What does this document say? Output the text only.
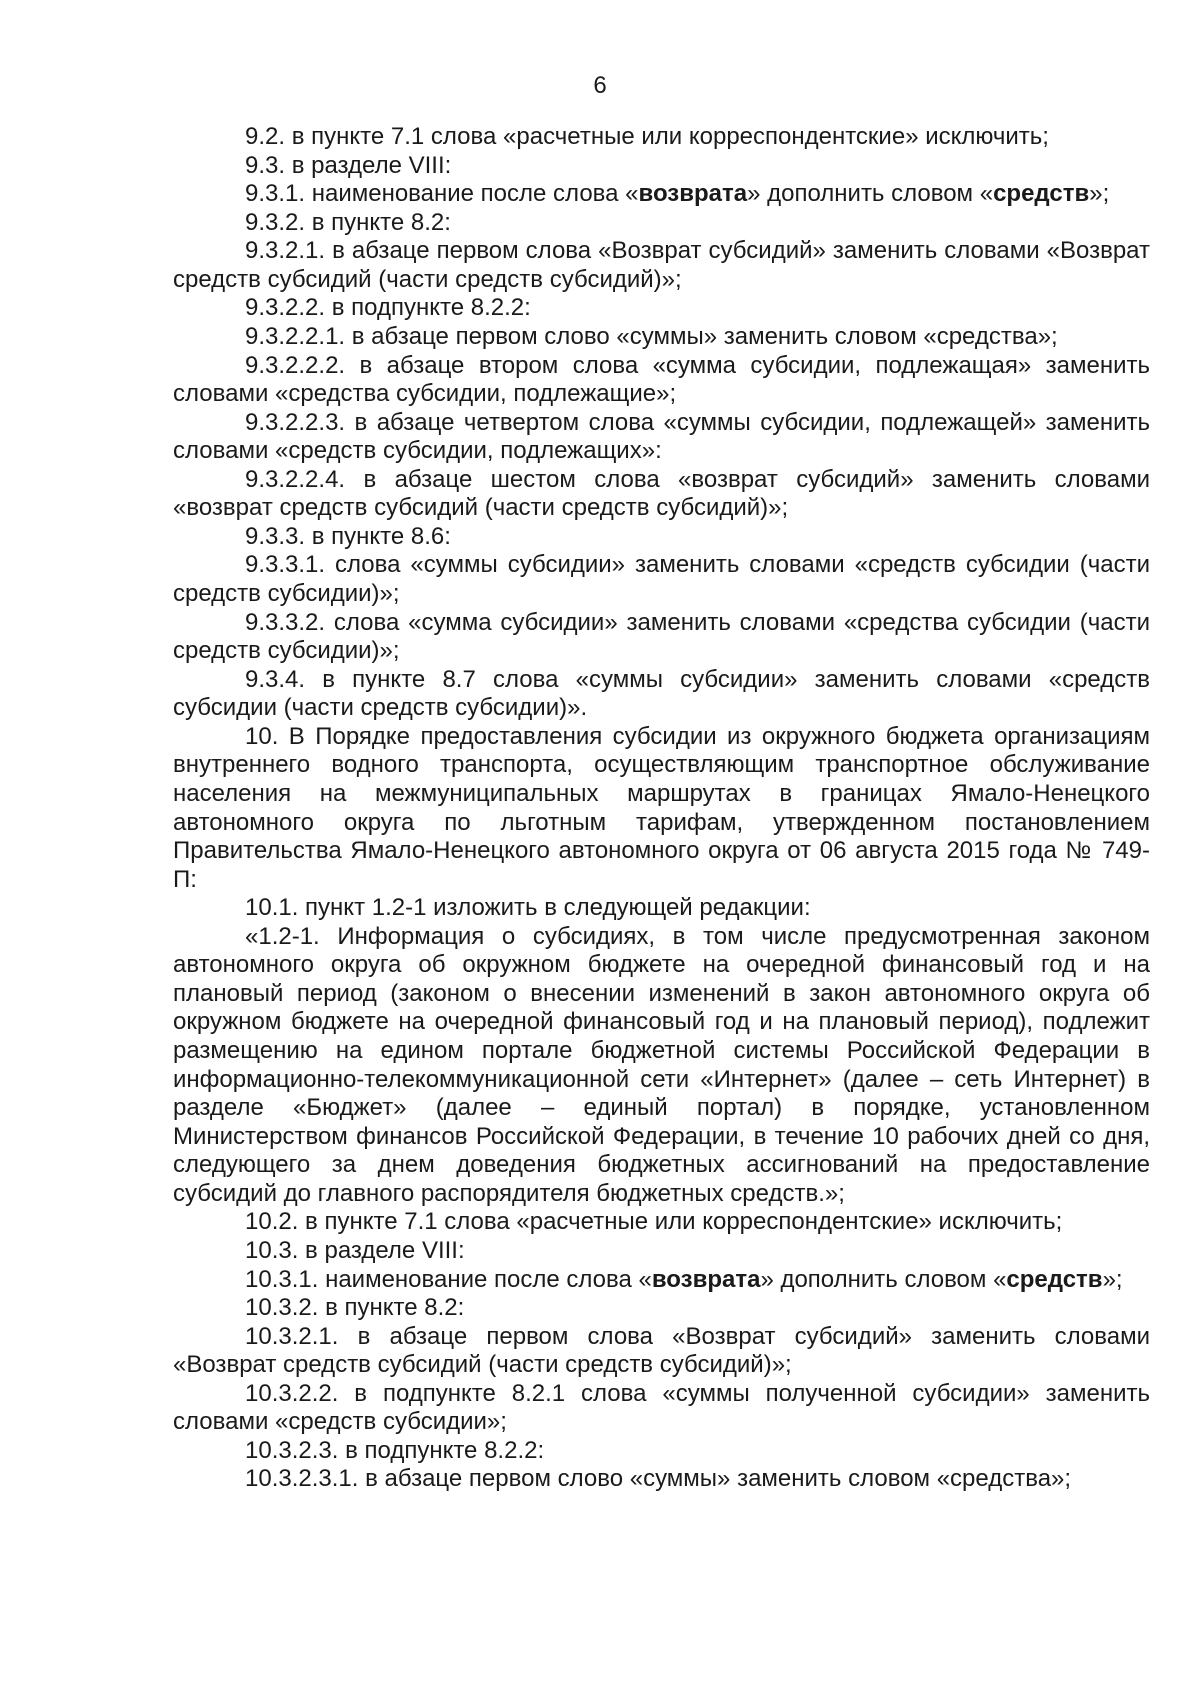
6

9.2. в пункте 7.1 слова «расчетные или корреспондентские» исключить;

9.3. в разделе VIII:

9.3.1. наименование после слова «возврата» дополнить словом «средств»;

9.3.2. в пункте 8.2:

9.3.2.1. в абзаце первом слова «Возврат субсидий» заменить словами «Возврат средств субсидий (части средств субсидий)»;

9.3.2.2. в подпункте 8.2.2:

9.3.2.2.1. в абзаце первом слово «суммы» заменить словом «средства»;

9.3.2.2.2. в абзаце втором слова «сумма субсидии, подлежащая» заменить словами «средства субсидии, подлежащие»;

9.3.2.2.3. в абзаце четвертом слова «суммы субсидии, подлежащей» заменить словами «средств субсидии, подлежащих»:

9.3.2.2.4. в абзаце шестом слова «возврат субсидий» заменить словами «возврат средств субсидий (части средств субсидий)»;

9.3.3. в пункте 8.6:

9.3.3.1. слова «суммы субсидии» заменить словами «средств субсидии (части средств субсидии)»;

9.3.3.2. слова «сумма субсидии» заменить словами «средства субсидии (части средств субсидии)»;

9.3.4. в пункте 8.7 слова «суммы субсидии» заменить словами «средств субсидии (части средств субсидии)».

10. В Порядке предоставления субсидии из окружного бюджета организациям внутреннего водного транспорта, осуществляющим транспортное обслуживание населения на межмуниципальных маршрутах в границах Ямало-Ненецкого автономного округа по льготным тарифам, утвержденном постановлением Правительства Ямало-Ненецкого автономного округа от 06 августа 2015 года № 749-П:

10.1. пункт 1.2-1 изложить в следующей редакции:

«1.2-1. Информация о субсидиях, в том числе предусмотренная законом автономного округа об окружном бюджете на очередной финансовый год и на плановый период (законом о внесении изменений в закон автономного округа об окружном бюджете на очередной финансовый год и на плановый период), подлежит размещению на едином портале бюджетной системы Российской Федерации в информационно-телекоммуникационной сети «Интернет» (далее – сеть Интернет) в разделе «Бюджет» (далее – единый портал) в порядке, установленном Министерством финансов Российской Федерации, в течение 10 рабочих дней со дня, следующего за днем доведения бюджетных ассигнований на предоставление субсидий до главного распорядителя бюджетных средств.»;

10.2. в пункте 7.1 слова «расчетные или корреспондентские» исключить;

10.3. в разделе VIII:

10.3.1. наименование после слова «возврата» дополнить словом «средств»;

10.3.2. в пункте 8.2:

10.3.2.1. в абзаце первом слова «Возврат субсидий» заменить словами «Возврат средств субсидий (части средств субсидий)»;

10.3.2.2. в подпункте 8.2.1 слова «суммы полученной субсидии» заменить словами «средств субсидии»;

10.3.2.3. в подпункте 8.2.2:

10.3.2.3.1. в абзаце первом слово «суммы» заменить словом «средства»;
